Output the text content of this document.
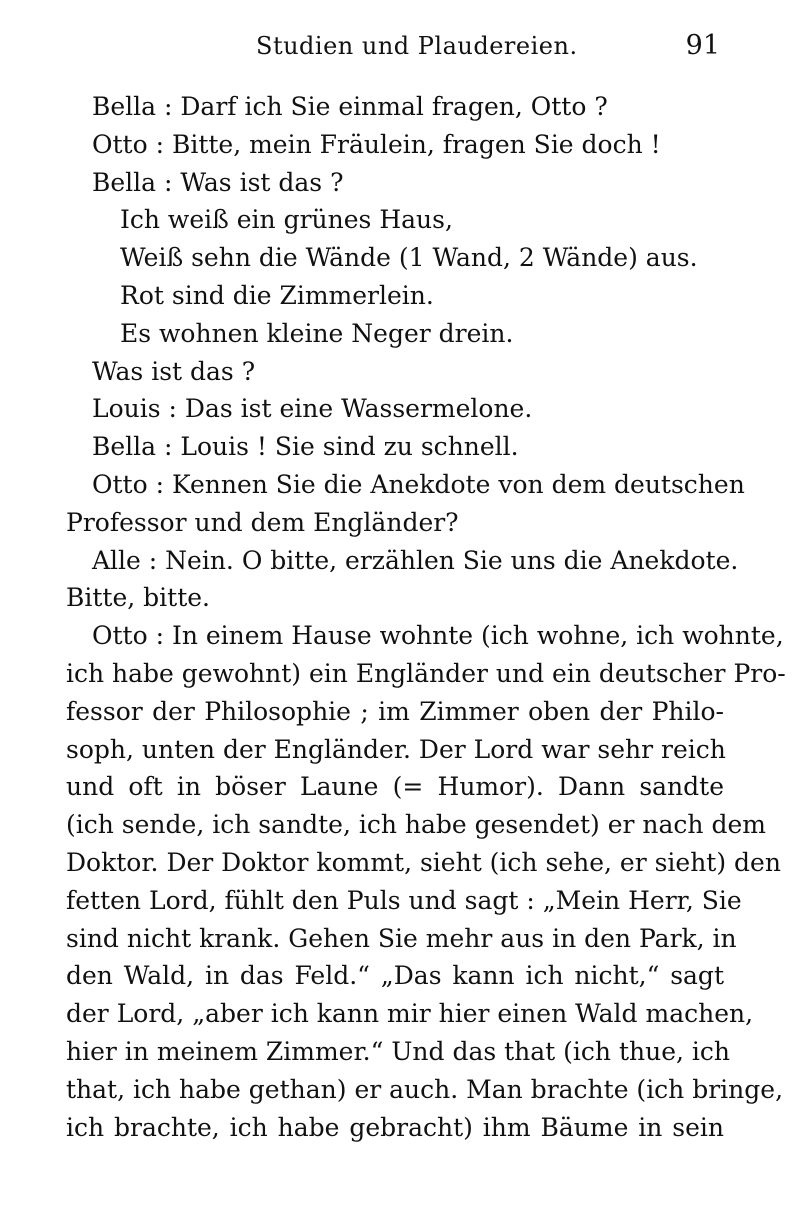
Studien und Plaudereien.	91
Bella : Darf ich Sie einmal fragen, Otto ?
Otto : Bitte, mein Fräulein, fragen Sie doch !
Bella : Was ist das ?
Ich weiß ein grünes Haus,
Weiß sehn die Wände (1 Wand, 2 Wände) aus.
Rot sind die Zimmerlein.
Es wohnen kleine Neger drein.
Was ist das ?
Louis : Das ist eine Wassermelone.
Bella : Louis ! Sie sind zu schnell.
Otto : Kennen Sie die Anekdote von dem deutschen
Professor und dem Engländer?
Alle : Nein. O bitte, erzählen Sie uns die Anekdote.
Bitte, bitte.
Otto : In einem Hause wohnte (ich wohne, ich wohnte,
ich habe gewohnt) ein Engländer und ein deutscher Pro-
fessor der Philosophie ; im Zimmer oben der Philo-
soph, unten der Engländer. Der Lord war sehr reich
und oft in böser Laune (= Humor). Dann sandte
(ich sende, ich sandte, ich habe gesendet) er nach dem
Doktor. Der Doktor kommt, sieht (ich sehe, er sieht) den
fetten Lord, fühlt den Puls und sagt : „Mein Herr, Sie
sind nicht krank. Gehen Sie mehr aus in den Park, in
den Wald, in das Feld.“ „Das kann ich nicht,“ sagt
der Lord, „aber ich kann mir hier einen Wald machen,
hier in meinem Zimmer.“ Und das that (ich thue, ich
that, ich habe gethan) er auch. Man brachte (ich bringe,
ich brachte, ich habe gebracht) ihm Bäume in sein
